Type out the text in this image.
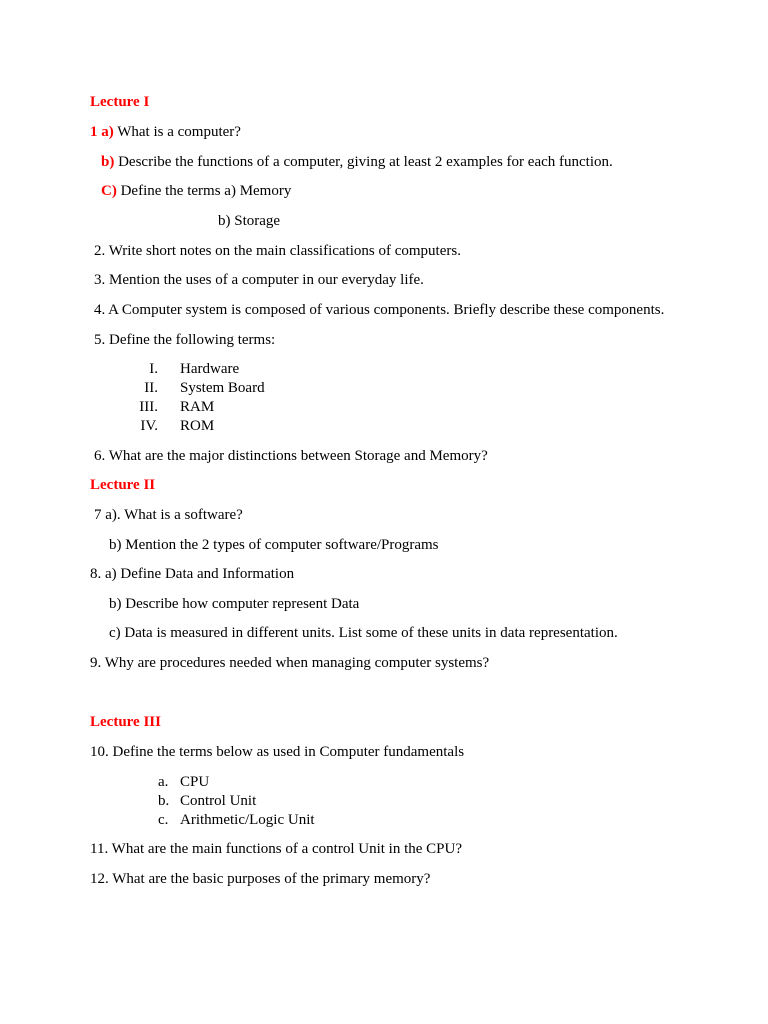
Lecture I
1 a) What is a computer?
b) Describe the functions of a computer, giving at least 2 examples for each function.
C) Define the terms a) Memory
b) Storage
2. Write short notes on the main classifications of computers.
3. Mention the uses of a computer in our everyday life.
4. A Computer system is composed of various components. Briefly describe these components.
5. Define the following terms:
I. Hardware
II. System Board
III. RAM
IV. ROM
6. What are the major distinctions between Storage and Memory?
Lecture II
7 a). What is a software?
b) Mention the 2 types of computer software/Programs
8. a) Define Data and Information
b) Describe how computer represent Data
c) Data is measured in different units. List some of these units in data representation.
9. Why are procedures needed when managing computer systems?
Lecture III
10. Define the terms below as used in Computer fundamentals
a. CPU
b. Control Unit
c. Arithmetic/Logic Unit
11. What are the main functions of a control Unit in the CPU?
12. What are the basic purposes of the primary memory?
